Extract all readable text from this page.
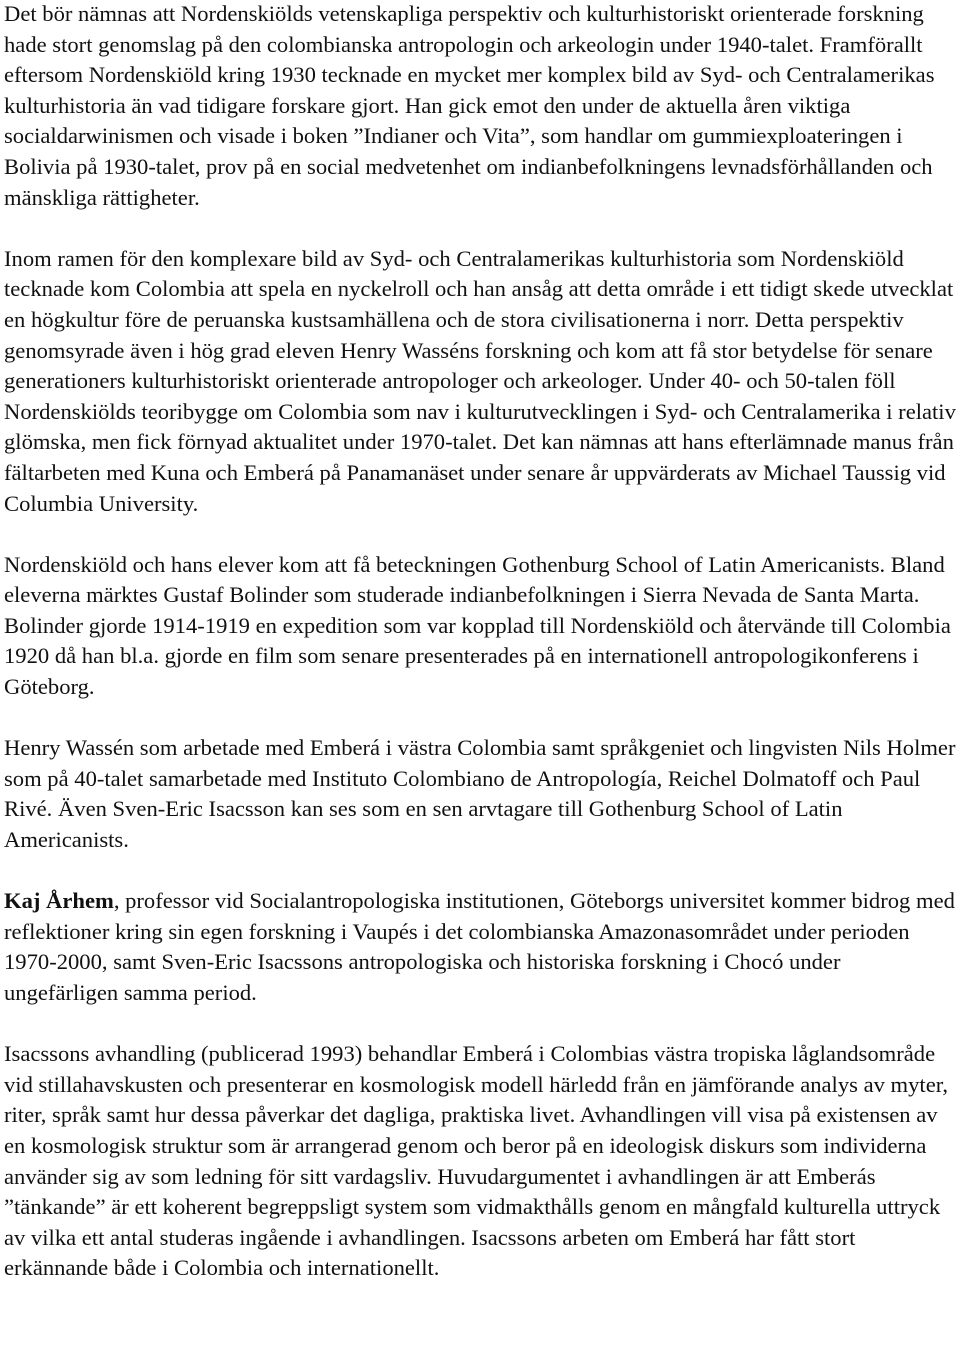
Det bör nämnas att Nordenskiölds vetenskapliga perspektiv och kulturhistoriskt orienterade forskning hade stort genomslag på den colombianska antropologin och arkeologin under 1940-talet. Framförallt eftersom Nordenskiöld kring 1930 tecknade en mycket mer komplex bild av Syd- och Centralamerikas kulturhistoria än vad tidigare forskare gjort. Han gick emot den under de aktuella åren viktiga socialdarwinismen och visade i boken ”Indianer och Vita”, som handlar om gummiexploateringen i Bolivia på 1930-talet, prov på en social medvetenhet om indianbefolkningens levnadsförhållanden och mänskliga rättigheter.

Inom ramen för den komplexare bild av Syd- och Centralamerikas kulturhistoria som Nordenskiöld tecknade kom Colombia att spela en nyckelroll och han ansåg att detta område i ett tidigt skede utvecklat en högkultur före de peruanska kustsamhällena och de stora civilisationerna i norr. Detta perspektiv genomsyrade även i hög grad eleven Henry Wasséns forskning och kom att få stor betydelse för senare generationers kulturhistoriskt orienterade antropologer och arkeologer. Under 40- och 50-talen föll Nordenskiölds teoribygge om Colombia som nav i kulturutvecklingen i Syd- och Centralamerika i relativ glömska, men fick förnyad aktualitet under 1970-talet. Det kan nämnas att hans efterlämnade manus från fältarbeten med Kuna och Emberá på Panamanäset under senare år uppvärderats av Michael Taussig vid Columbia University.

Nordenskiöld och hans elever kom att få beteckningen Gothenburg School of Latin Americanists. Bland eleverna märktes Gustaf Bolinder som studerade indianbefolkningen i Sierra Nevada de Santa Marta. Bolinder gjorde 1914-1919 en expedition som var kopplad till Nordenskiöld och återvände till Colombia 1920 då han bl.a. gjorde en film som senare presenterades på en internationell antropologikonferens i Göteborg.

Henry Wassén som arbetade med Emberá i västra Colombia samt språkgeniet och lingvisten Nils Holmer som på 40-talet samarbetade med Instituto Colombiano de Antropología, Reichel Dolmatoff och Paul Rivé. Även Sven-Eric Isacsson kan ses som en sen arvtagare till Gothenburg School of Latin Americanists.

Kaj Århem, professor vid Socialantropologiska institutionen, Göteborgs universitet kommer bidrog med reflektioner kring sin egen forskning i Vaupés i det colombianska Amazonasområdet under perioden 1970-2000, samt Sven-Eric Isacssons antropologiska och historiska forskning i Chocó under ungefärligen samma period.

Isacssons avhandling (publicerad 1993) behandlar Emberá i Colombias västra tropiska låglandsområde vid stillahavskusten och presenterar en kosmologisk modell härledd från en jämförande analys av myter, riter, språk samt hur dessa påverkar det dagliga, praktiska livet. Avhandlingen vill visa på existensen av en kosmologisk struktur som är arrangerad genom och beror på en ideologisk diskurs som individerna använder sig av som ledning för sitt vardagsliv. Huvudargumentet i avhandlingen är att Emberás ”tänkande” är ett koherent begreppsligt system som vidmakthålls genom en mångfald kulturella uttryck av vilka ett antal studeras ingående i avhandlingen. Isacssons arbeten om Emberá har fått stort erkännande både i Colombia och internationellt.
